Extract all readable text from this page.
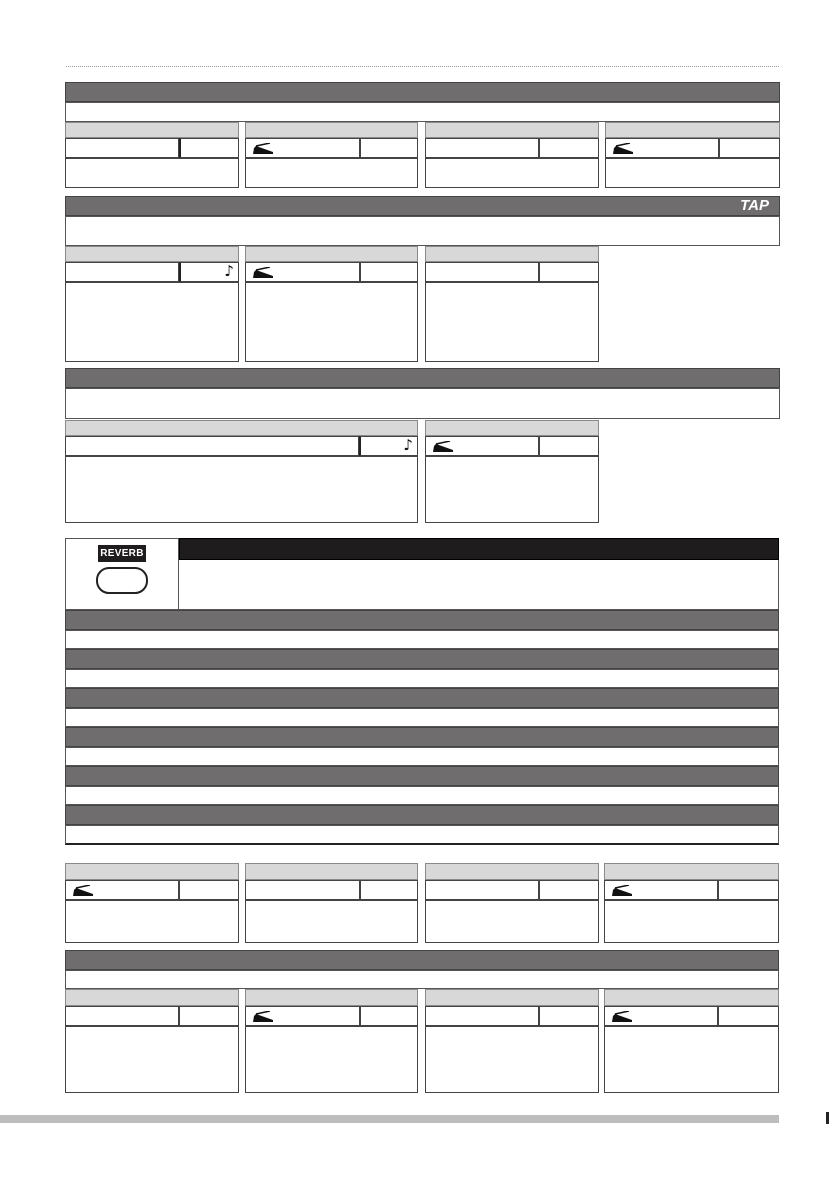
TAP
♪
♪
REVERB
